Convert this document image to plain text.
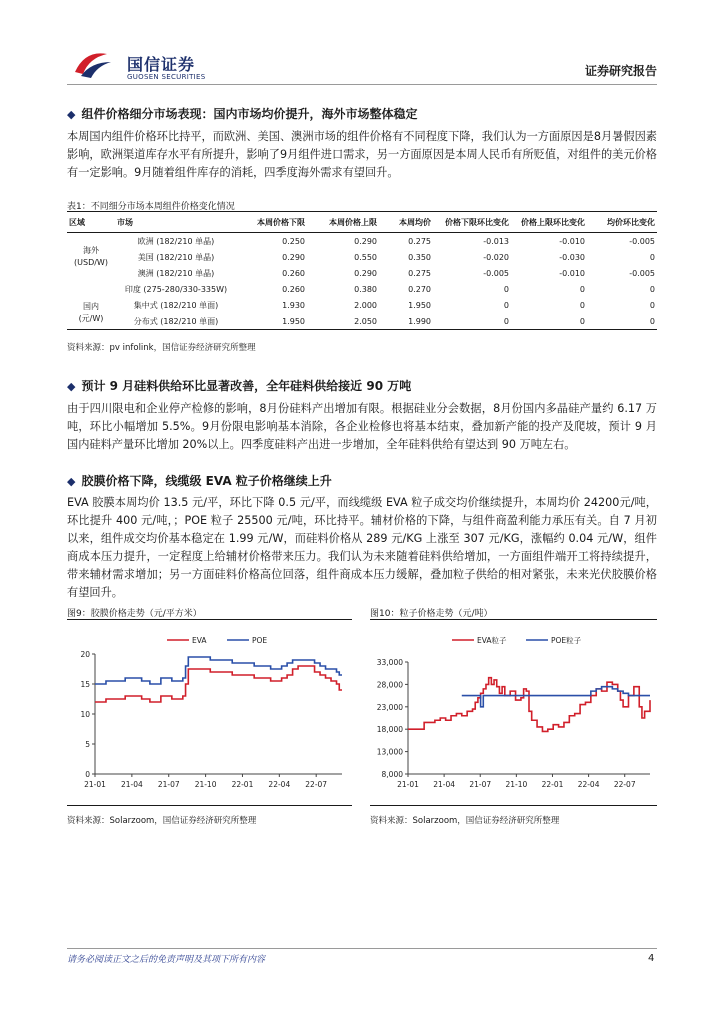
国信证券
GUOSEN SECURITIES	证券研究报告
◆ 组件价格细分市场表现：国内市场均价提升，海外市场整体稳定
本周国内组件价格环比持平，而欧洲、美国、澳洲市场的组件价格有不同程度下降，我们认为一方面原因是8月暑假因素影响，欧洲渠道库存水平有所提升，影响了9月组件进口需求，另一方面原因是本周人民币有所贬值，对组件的美元价格有一定影响。9月随着组件库存的消耗，四季度海外需求有望回升。
表1：不同细分市场本周组件价格变化情况
区域	市场	本周价格下限	本周价格上限	本周均价	价格下限环比变化	价格上限环比变化	均价环比变化
海外
(USD/W)	欧洲 (182/210 单晶)	0.250	0.290	0.275	-0.013	-0.010	-0.005
	美国 (182/210 单晶)	0.290	0.550	0.350	-0.020	-0.030	0
	澳洲 (182/210 单晶)	0.260	0.290	0.275	-0.005	-0.010	-0.005
	印度 (275-280/330-335W)	0.260	0.380	0.270	0	0	0
国内
(元/W)	集中式 (182/210 单面)	1.930	2.000	1.950	0	0	0
	分布式 (182/210 单面)	1.950	2.050	1.990	0	0	0
资料来源：pv infolink，国信证券经济研究所整理
◆ 预计 9 月硅料供给环比显著改善，全年硅料供给接近 90 万吨
由于四川限电和企业停产检修的影响，8月份硅料产出增加有限。根据硅业分会数据，8月份国内多晶硅产量约 6.17 万吨，环比小幅增加 5.5%。9月份限电影响基本消除，各企业检修也将基本结束，叠加新产能的投产及爬坡，预计 9 月国内硅料产量环比增加 20%以上。四季度硅料产出进一步增加，全年硅料供给有望达到 90 万吨左右。
◆ 胶膜价格下降，线缆级 EVA 粒子价格继续上升
EVA 胶膜本周均价 13.5 元/平，环比下降 0.5 元/平，而线缆级 EVA 粒子成交均价继续提升，本周均价 24200元/吨，环比提升 400 元/吨，；POE 粒子 25500 元/吨，环比持平。辅材价格的下降，与组件商盈利能力承压有关。自 7 月初以来，组件成交均价基本稳定在 1.99 元/W，而硅料价格从 289 元/KG 上涨至 307 元/KG，涨幅约 0.04 元/W，组件商成本压力提升，一定程度上给辅材价格带来压力。我们认为未来随着硅料供给增加，一方面组件端开工将持续提升，带来辅材需求增加；另一方面硅料价格高位回落，组件商成本压力缓解，叠加粒子供给的相对紧张，未来光伏胶膜价格有望回升。
图9：胶膜价格走势（元/平方米）
0
5
10
15
20
21-01 21-04 21-07 21-10 22-01 22-04 22-07
EVA	POE
资料来源：Solarzoom，国信证券经济研究所整理
图10：粒子价格走势（元/吨）
8,000
13,000
18,000
23,000
28,000
33,000
21-01 21-04 21-07 21-10 22-01 22-04 22-07
EVA粒子	POE粒子
资料来源：Solarzoom，国信证券经济研究所整理
请务必阅读正文之后的免责声明及其项下所有内容	4
